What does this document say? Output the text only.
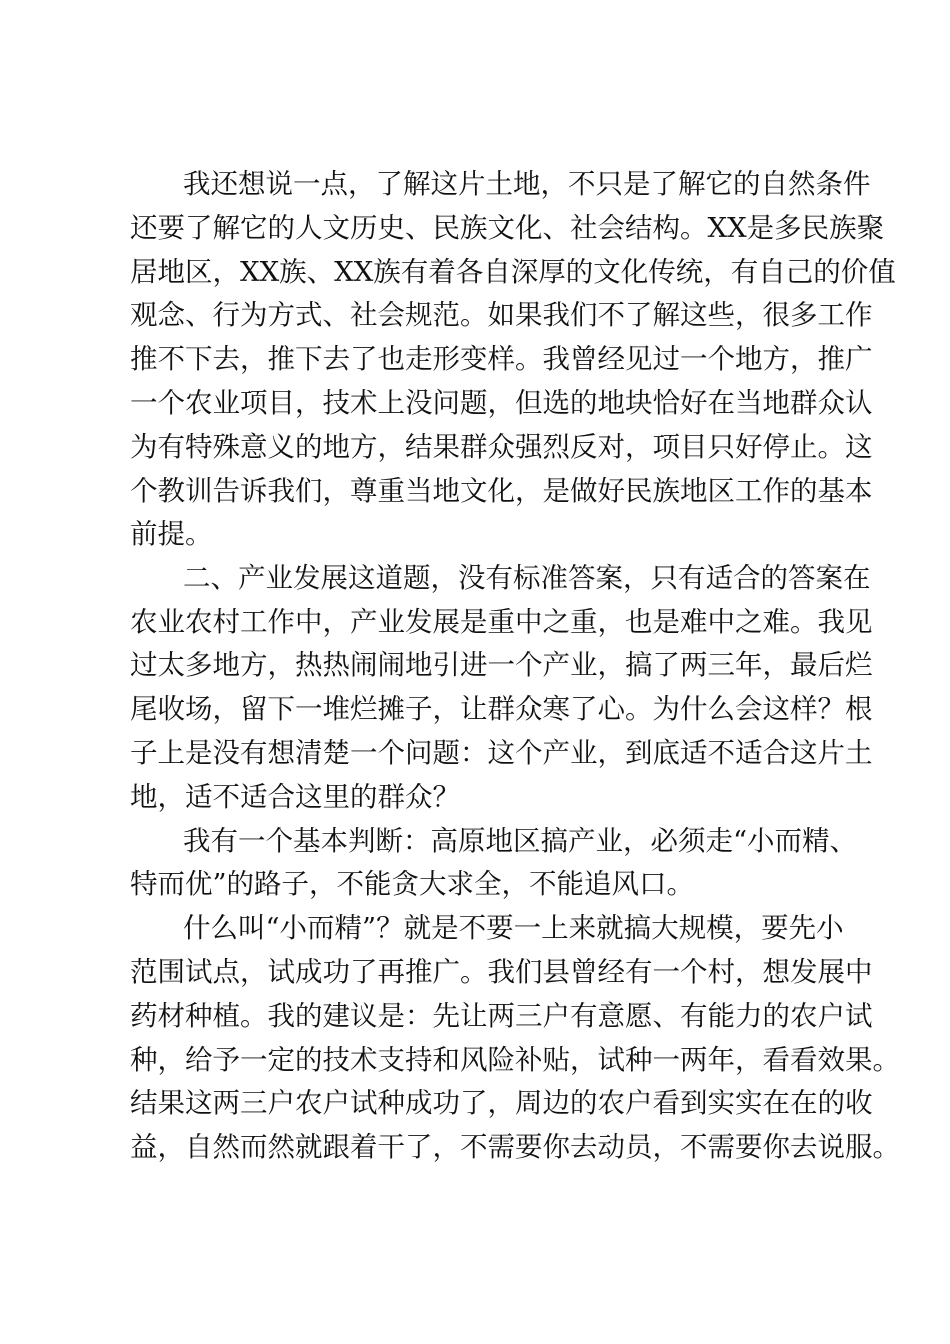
我还想说一点，了解这片土地，不只是了解它的自然条件

还要了解它的人文历史、民族文化、社会结构。XX是多民族聚

居地区，XX族、XX族有着各自深厚的文化传统，有自己的价值

观念、行为方式、社会规范。如果我们不了解这些，很多工作

推不下去，推下去了也走形变样。我曾经见过一个地方，推广

一个农业项目，技术上没问题，但选的地块恰好在当地群众认

为有特殊意义的地方，结果群众强烈反对，项目只好停止。这

个教训告诉我们，尊重当地文化，是做好民族地区工作的基本

前提。

二、产业发展这道题，没有标准答案，只有适合的答案在

农业农村工作中，产业发展是重中之重，也是难中之难。我见

过太多地方，热热闹闹地引进一个产业，搞了两三年，最后烂

尾收场，留下一堆烂摊子，让群众寒了心。为什么会这样？根

子上是没有想清楚一个问题：这个产业，到底适不适合这片土

地，适不适合这里的群众？

我有一个基本判断：高原地区搞产业，必须走“小而精、

特而优”的路子，不能贪大求全，不能追风口。

什么叫“小而精”？就是不要一上来就搞大规模，要先小

范围试点，试成功了再推广。我们县曾经有一个村，想发展中

药材种植。我的建议是：先让两三户有意愿、有能力的农户试

种，给予一定的技术支持和风险补贴，试种一两年，看看效果。

结果这两三户农户试种成功了，周边的农户看到实实在在的收

益，自然而然就跟着干了，不需要你去动员，不需要你去说服。
